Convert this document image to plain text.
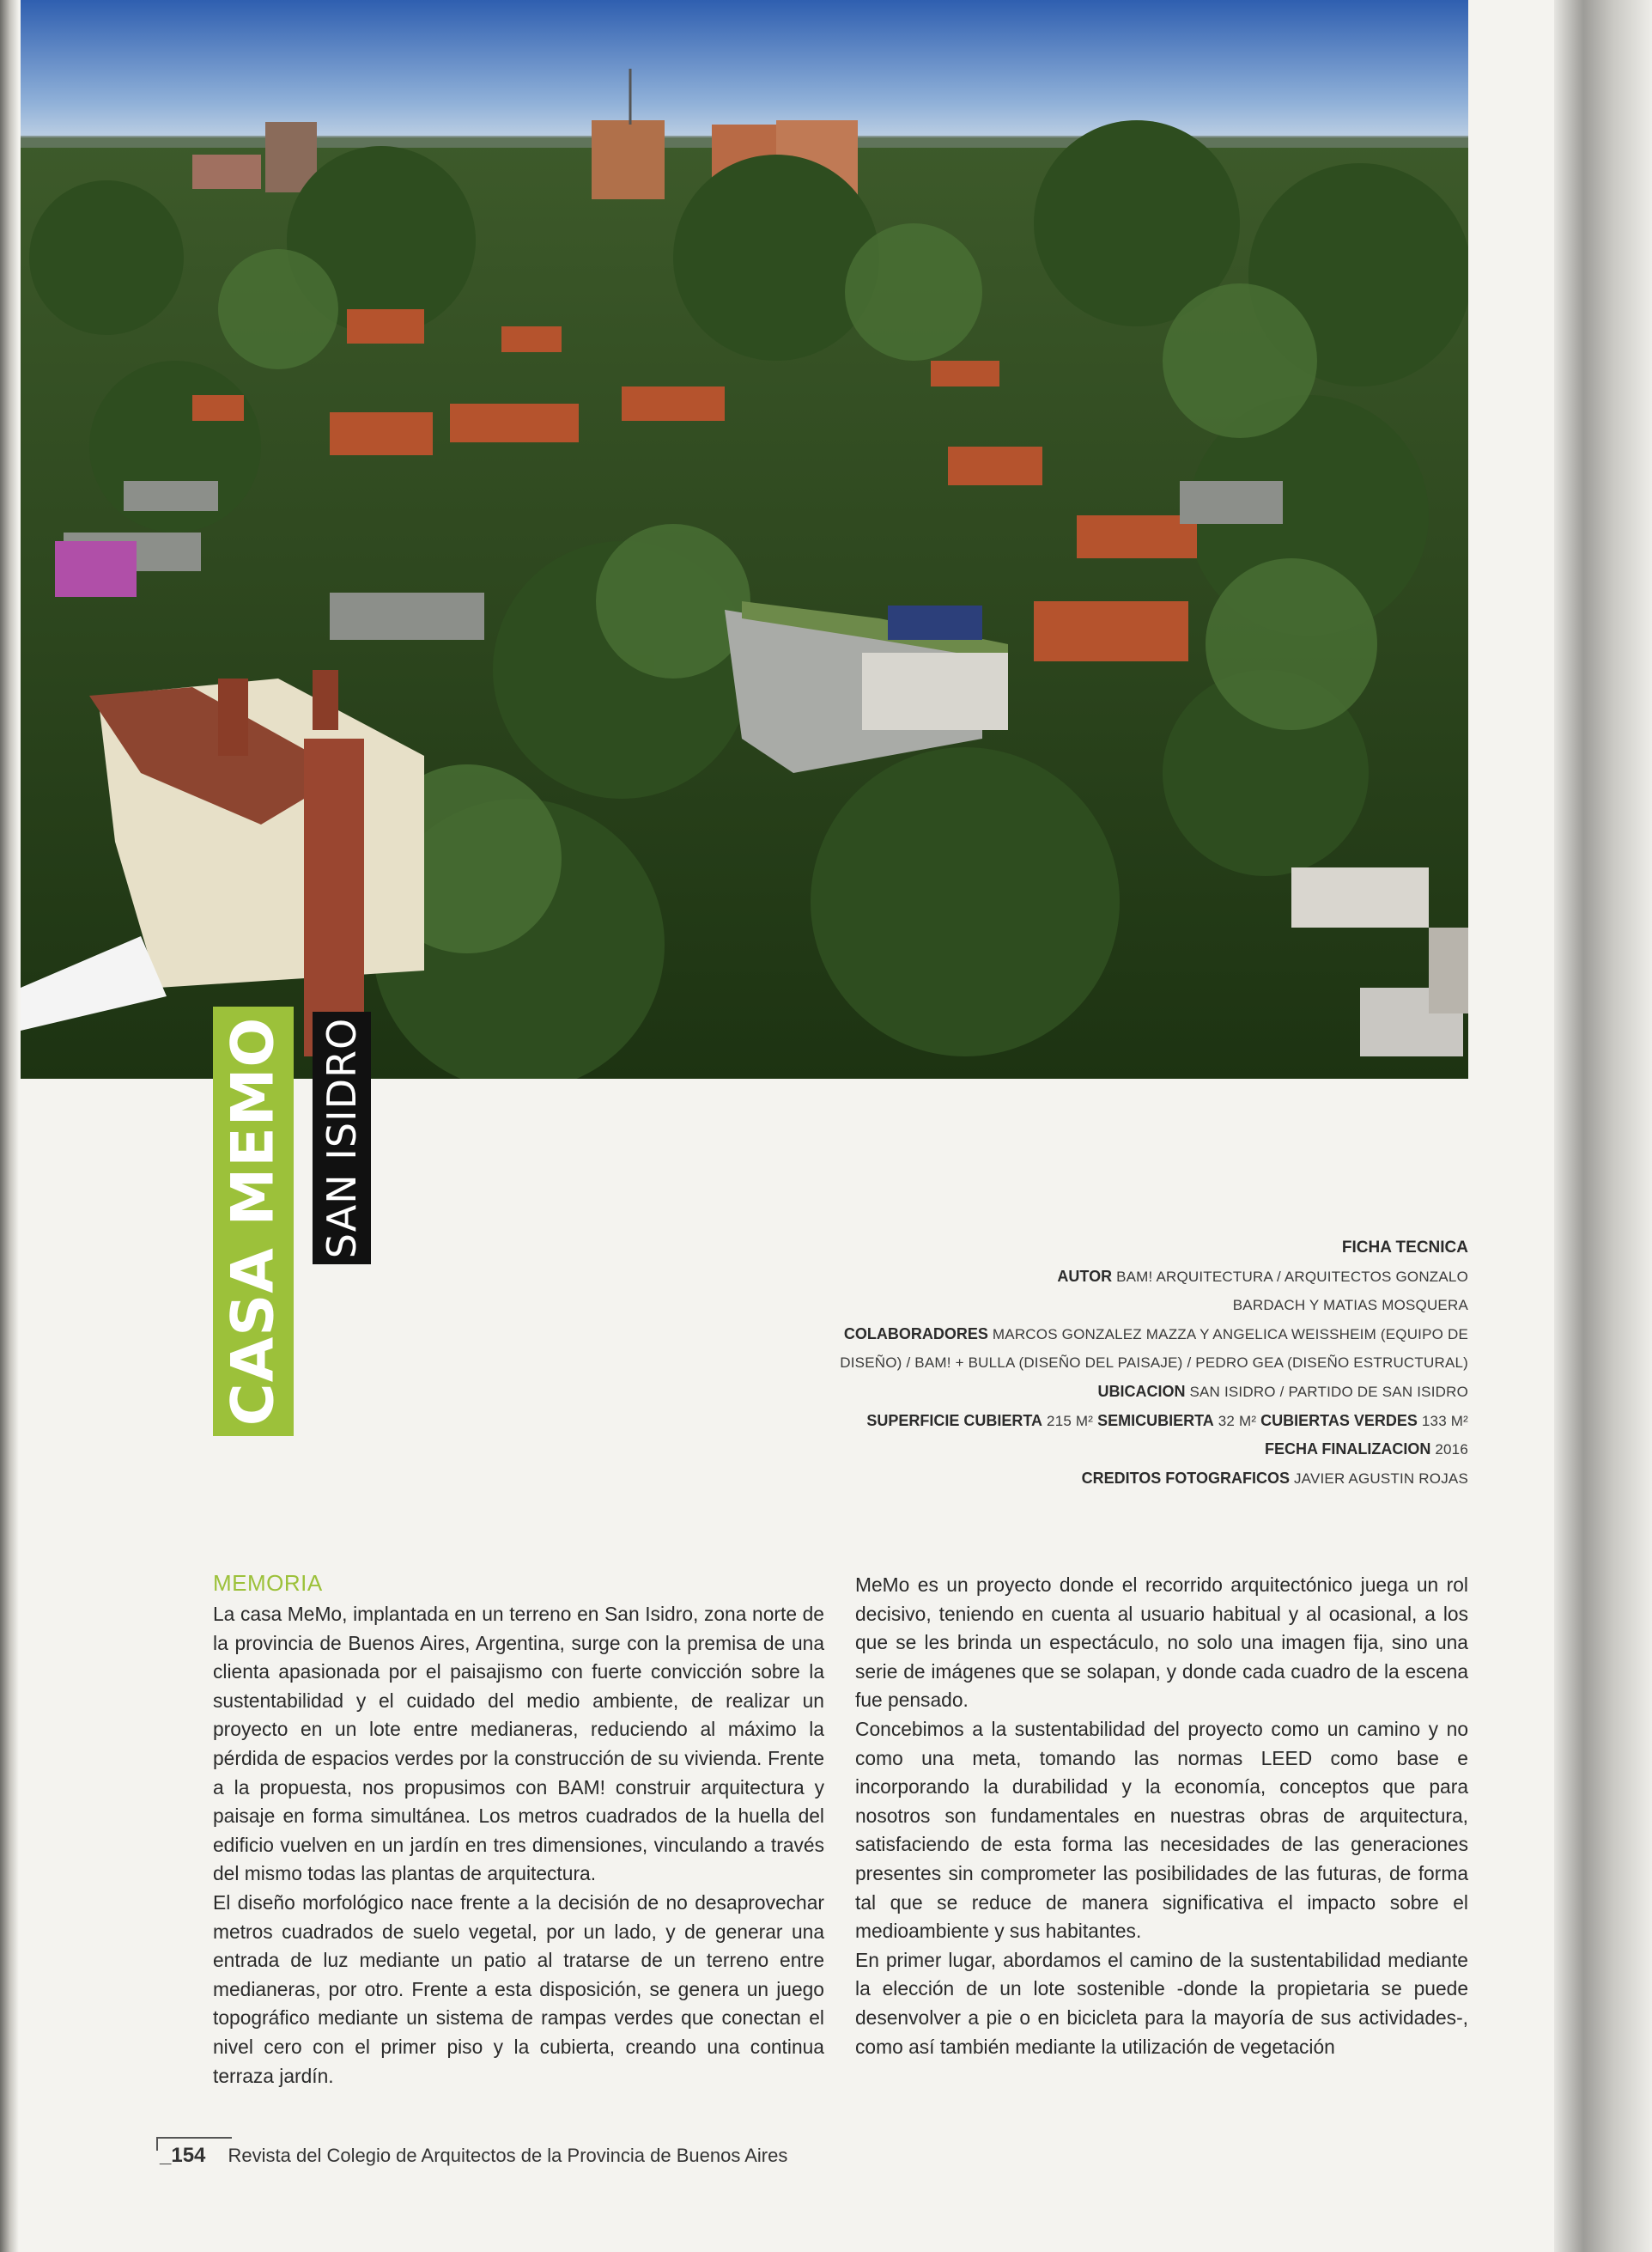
CASA MEMO SAN ISIDRO	FICHA TECNICA
AUTOR BAM! ARQUITECTURA / ARQUITECTOS GONZALO
BARDACH Y MATIAS MOSQUERA
COLABORADORES MARCOS GONZALEZ MAZZA Y ANGELICA WEISSHEIM (EQUIPO DE
DISEÑO) / BAM! + BULLA (DISEÑO DEL PAISAJE) / PEDRO GEA (DISEÑO ESTRUCTURAL)
UBICACION SAN ISIDRO / PARTIDO DE SAN ISIDRO
SUPERFICIE CUBIERTA 215 M² SEMICUBIERTA 32 M² CUBIERTAS VERDES 133 M²
FECHA FINALIZACION 2016
CREDITOS FOTOGRAFICOS JAVIER AGUSTIN ROJAS
MEMORIA

La casa MeMo, implantada en un terreno en San Isidro, zona norte de la provincia de Buenos Aires, Argentina, surge con la premisa de una clienta apasionada por el paisajismo con fuerte convicción sobre la sustentabilidad y el cuidado del medio ambiente, de realizar un proyecto en un lote entre medianeras, reduciendo al máximo la pérdida de espacios verdes por la construcción de su vivienda. Frente a la propuesta, nos propusimos con BAM! construir arquitectura y paisaje en forma simultánea. Los metros cuadrados de la huella del edificio vuelven en un jardín en tres dimensiones, vinculando a través del mismo todas las plantas de arquitectura.

El diseño morfológico nace frente a la decisión de no desaprovechar metros cuadrados de suelo vegetal, por un lado, y de generar una entrada de luz mediante un patio al tratarse de un terreno entre medianeras, por otro. Frente a esta disposición, se genera un juego topográfico mediante un sistema de rampas verdes que conectan el nivel cero con el primer piso y la cubierta, creando una continua terraza jardín.

MeMo es un proyecto donde el recorrido arquitectónico juega un rol decisivo, teniendo en cuenta al usuario habitual y al ocasional, a los que se les brinda un espectáculo, no solo una imagen fija, sino una serie de imágenes que se solapan, y donde cada cuadro de la escena fue pensado.

Concebimos a la sustentabilidad del proyecto como un camino y no como una meta, tomando las normas LEED como base e incorporando la durabilidad y la economía, conceptos que para nosotros son fundamentales en nuestras obras de arquitectura, satisfaciendo de esta forma las necesidades de las generaciones presentes sin comprometer las posibilidades de las futuras, de forma tal que se reduce de manera significativa el impacto sobre el medioambiente y sus habitantes.

En primer lugar, abordamos el camino de la sustentabilidad mediante la elección de un lote sostenible -donde la propietaria se puede desenvolver a pie o en bicicleta para la mayoría de sus actividades-, como así también mediante la utilización de vegetación

_154 Revista del Colegio de Arquitectos de la Provincia de Buenos Aires
